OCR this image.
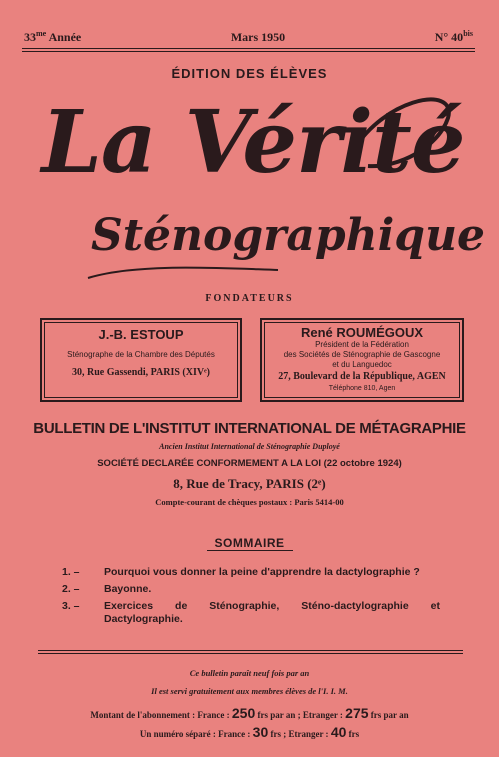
$33^{me}$ Année	Mars 1950	N° $40^{bis}$
ÉDITION DES ÉLÈVES
La Vérité
Sténographique
FONDATEURS
J.-B. ESTOUP
Sténographe de la Chambre des Députés
30, Rue Gassendi, PARIS (XIVᵉ)
René ROUMÉGOUX
Président de la Fédération
des Sociétés de Sténographie de Gascogne
et du Languedoc
27, Boulevard de la République, AGEN
Téléphone 810, Agen
BULLETIN DE L'INSTITUT INTERNATIONAL DE MÉTAGRAPHIE
Ancien Institut International de Sténographie Duployé
SOCIÉTÉ DECLARÉE CONFORMEMENT A LA LOI (22 octobre 1924)
8, Rue de Tracy, PARIS (2ᵉ)
Compte-courant de chèques postaux : Paris 5414-00
SOMMAIRE
1. –	Pourquoi vous donner la peine d'apprendre la dactylographie ?
2. –	Bayonne.
3. –	Exercices de Sténographie, Sténo-dactylographie et Dactylographie.
Ce bulletin paraît neuf fois par an
Il est servi gratuitement aux membres élèves de l'I. I. M.
Montant de l'abonnement : France : 250 frs par an ; Etranger : 275 frs par an
Un numéro séparé : France : 30 frs ; Etranger : 40 frs
